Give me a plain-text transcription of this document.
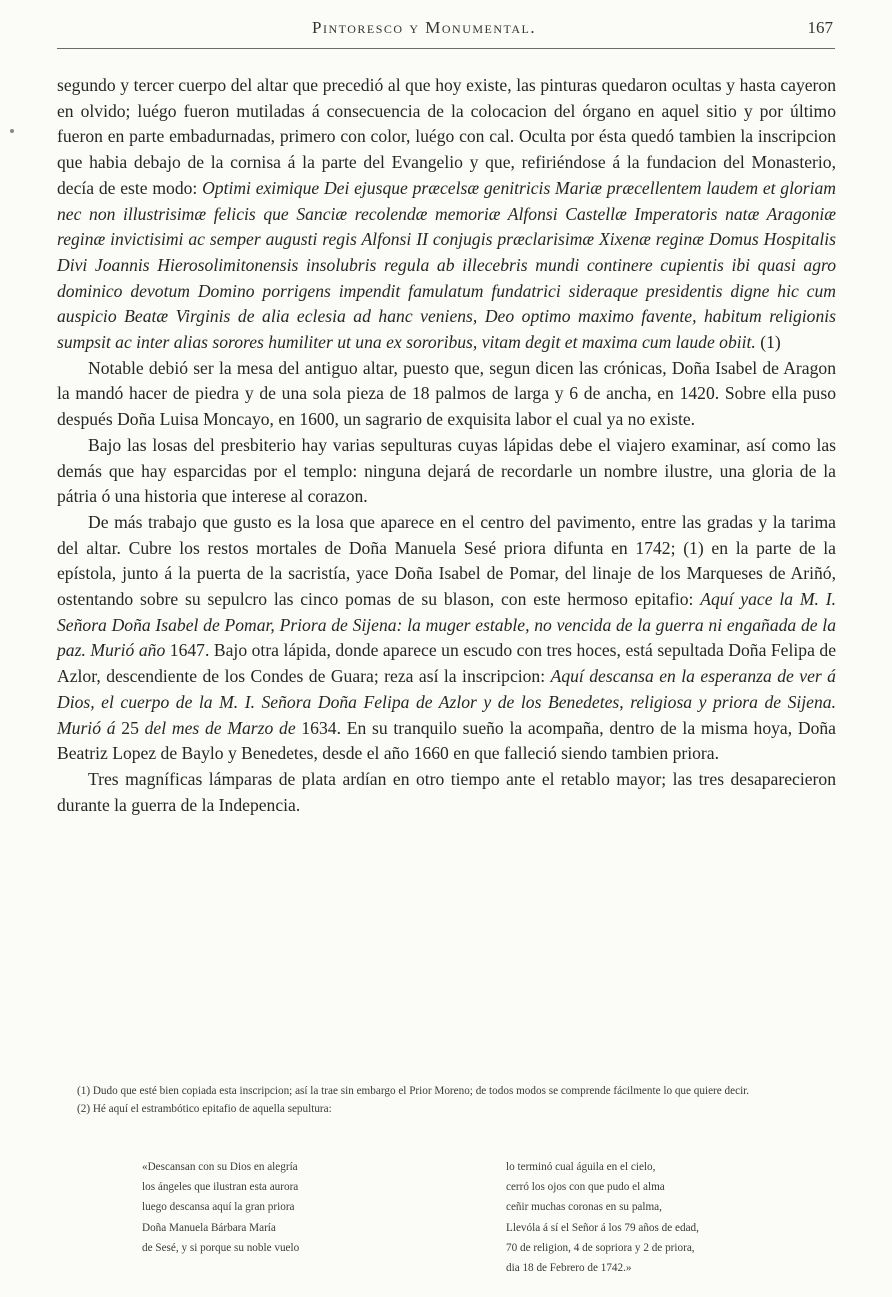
Pintoresco y Monumental.	167

segundo y tercer cuerpo del altar que precedió al que hoy existe, las pinturas quedaron ocultas y hasta cayeron en olvido; luégo fueron mutiladas á consecuencia de la colocacion del órgano en aquel sitio y por último fueron en parte embadurnadas, primero con color, luégo con cal. Oculta por ésta quedó tambien la inscripcion que habia debajo de la cornisa á la parte del Evangelio y que, refiriéndose á la fundacion del Monasterio, decía de este modo: Optimi eximique Dei ejusque præcelsæ genitricis Mariæ præcellentem laudem et gloriam nec non illustrisimæ felicis que Sanciæ recolendæ memoriæ Alfonsi Castellæ Imperatoris natæ Aragoniæ reginæ invictisimi ac semper augusti regis Alfonsi II conjugis præclarisimæ Xixenæ reginæ Domus Hospitalis Divi Joannis Hierosolimitonensis insolubris regula ab illecebris mundi continere cupientis ibi quasi agro dominico devotum Domino porrigens impendit famulatum fundatrici sideraque presidentis digne hic cum auspicio Beatæ Virginis de alia eclesia ad hanc veniens, Deo optimo maximo favente, habitum religionis sumpsit ac inter alias sorores humiliter ut una ex sororibus, vitam degit et maxima cum laude obiit. (1)

Notable debió ser la mesa del antiguo altar, puesto que, segun dicen las crónicas, Doña Isabel de Aragon la mandó hacer de piedra y de una sola pieza de 18 palmos de larga y 6 de ancha, en 1420. Sobre ella puso después Doña Luisa Moncayo, en 1600, un sagrario de exquisita labor el cual ya no existe.

Bajo las losas del presbiterio hay varias sepulturas cuyas lápidas debe el viajero examinar, así como las demás que hay esparcidas por el templo: ninguna dejará de recordarle un nombre ilustre, una gloria de la pátria ó una historia que interese al corazon.

De más trabajo que gusto es la losa que aparece en el centro del pavimento, entre las gradas y la tarima del altar. Cubre los restos mortales de Doña Manuela Sesé priora difunta en 1742; (1) en la parte de la epístola, junto á la puerta de la sacristía, yace Doña Isabel de Pomar, del linaje de los Marqueses de Ariñó, ostentando sobre su sepulcro las cinco pomas de su blason, con este hermoso epitafio: Aquí yace la M. I. Señora Doña Isabel de Pomar, Priora de Sijena: la muger estable, no vencida de la guerra ni engañada de la paz. Murió año 1647. Bajo otra lápida, donde aparece un escudo con tres hoces, está sepultada Doña Felipa de Azlor, descendiente de los Condes de Guara; reza así la inscripcion: Aquí descansa en la esperanza de ver á Dios, el cuerpo de la M. I. Señora Doña Felipa de Azlor y de los Benedetes, religiosa y priora de Sijena. Murió á 25 del mes de Marzo de 1634. En su tranquilo sueño la acompaña, dentro de la misma hoya, Doña Beatriz Lopez de Baylo y Benedetes, desde el año 1660 en que falleció siendo tambien priora.

Tres magníficas lámparas de plata ardían en otro tiempo ante el retablo mayor; las tres desaparecieron durante la guerra de la Indepencia.

(1) Dudo que esté bien copiada esta inscripcion; así la trae sin embargo el Prior Moreno; de todos modos se comprende fácilmente lo que quiere decir.

(2) Hé aquí el estrambótico epitafio de aquella sepultura:

«Descansan con su Dios en alegría
los ángeles que ilustran esta aurora
luego descansa aquí la gran priora
Doña Manuela Bárbara María
de Sesé, y si porque su noble vuelo
lo terminó cual águila en el cielo,
cerró los ojos con que pudo el alma
ceñir muchas coronas en su palma,
Llevóla á sí el Señor á los 79 años de edad,
70 de religion, 4 de sopriora y 2 de priora,
dia 18 de Febrero de 1742.»
